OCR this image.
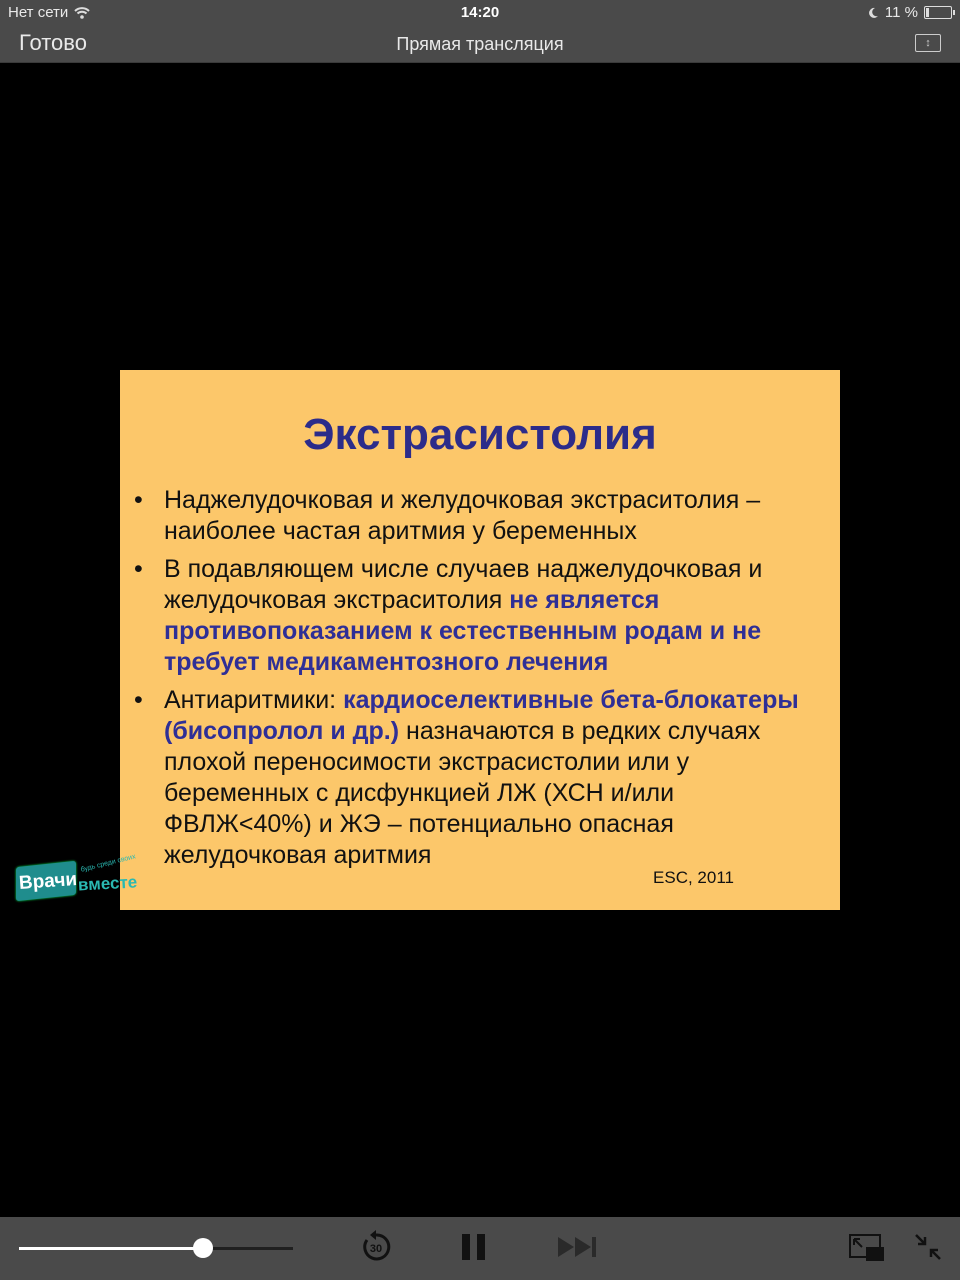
Нет сети	14:20	11 %
Готово	Прямая трансляция	↕
Экстрасистолия
• Наджелудочковая и желудочковая экстраситолия – наиболее частая аритмия у беременных
• В подавляющем числе случаев наджелудочковая и желудочковая экстраситолия не является противопоказанием к естественным родам и не требует медикаментозного лечения
• Антиаритмики: кардиоселективные бета-блокатеры (бисопролол и др.) назначаются в редких случаях плохой переносимости экстрасистолии или у беременных с дисфункцией ЛЖ (ХСН и/или ФВЛЖ<40%) и ЖЭ – потенциально опасная желудочковая аритмия
ESC, 2011
Врачи вместе
будь среди своих
30
